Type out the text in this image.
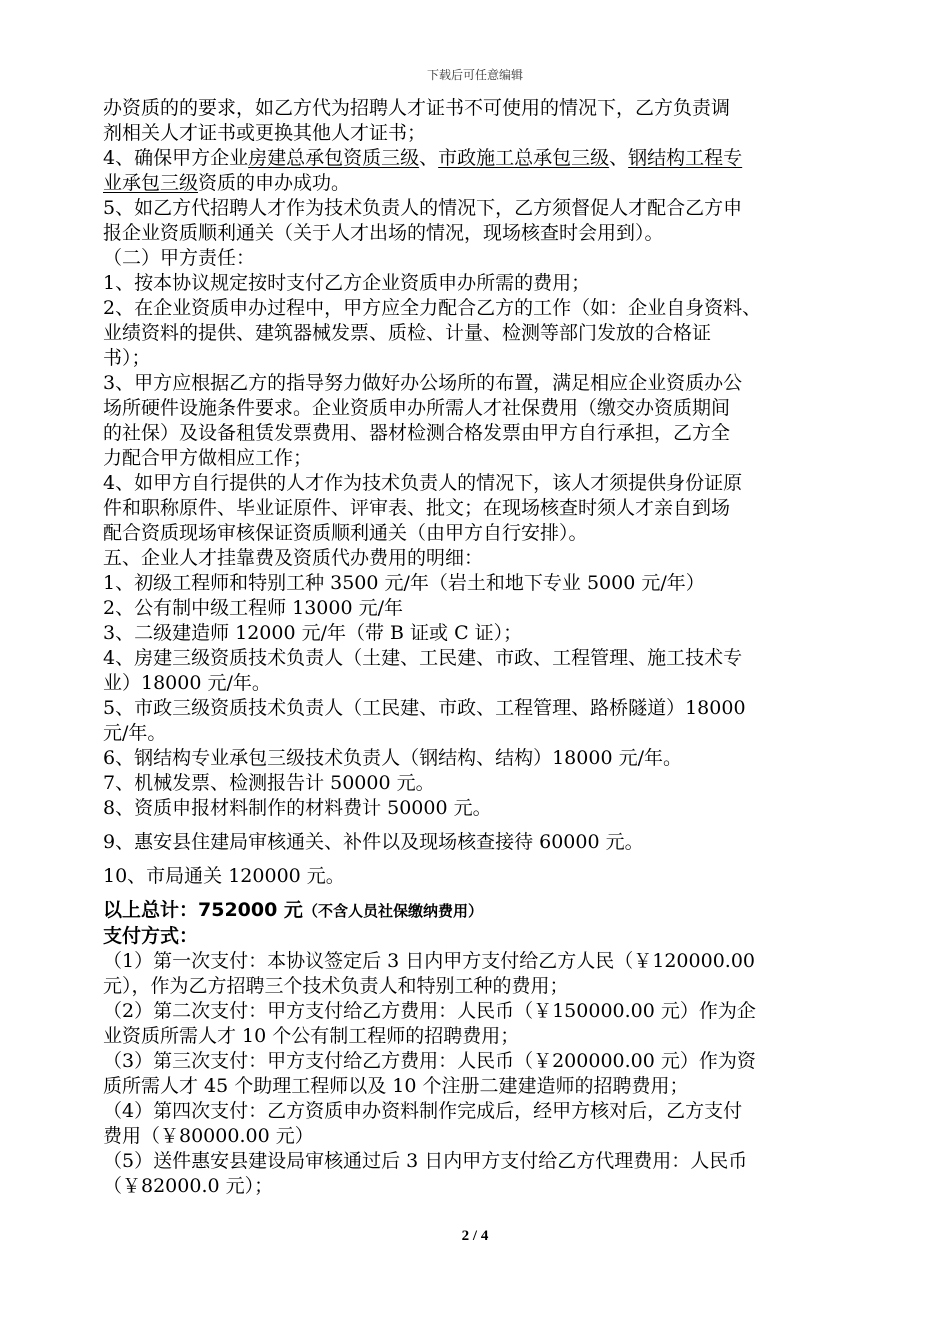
下载后可任意编辑
办资质的的要求，如乙方代为招聘人才证书不可使用的情况下，乙方负责调
剂相关人才证书或更换其他人才证书；
4、确保甲方企业房建总承包资质三级、市政施工总承包三级、钢结构工程专
业承包三级资质的申办成功。
5、如乙方代招聘人才作为技术负责人的情况下，乙方须督促人才配合乙方申
报企业资质顺利通关（关于人才出场的情况，现场核查时会用到）。
（二）甲方责任：
1、按本协议规定按时支付乙方企业资质申办所需的费用；
2、在企业资质申办过程中，甲方应全力配合乙方的工作（如：企业自身资料、
业绩资料的提供、建筑器械发票、质检、计量、检测等部门发放的合格证
书）；
3、甲方应根据乙方的指导努力做好办公场所的布置，满足相应企业资质办公
场所硬件设施条件要求。企业资质申办所需人才社保费用（缴交办资质期间
的社保）及设备租赁发票费用、器材检测合格发票由甲方自行承担，乙方全
力配合甲方做相应工作；
4、如甲方自行提供的人才作为技术负责人的情况下，该人才须提供身份证原
件和职称原件、毕业证原件、评审表、批文；在现场核查时须人才亲自到场
配合资质现场审核保证资质顺利通关（由甲方自行安排）。
五、企业人才挂靠费及资质代办费用的明细：
1、初级工程师和特别工种 3500 元/年（岩土和地下专业 5000 元/年）
2、公有制中级工程师 13000 元/年
3、二级建造师 12000 元/年（带 B 证或 C 证）；
4、房建三级资质技术负责人（土建、工民建、市政、工程管理、施工技术专
业）18000 元/年。
5、市政三级资质技术负责人（工民建、市政、工程管理、路桥隧道）18000
元/年。
6、钢结构专业承包三级技术负责人（钢结构、结构）18000 元/年。
7、机械发票、检测报告计 50000 元。
8、资质申报材料制作的材料费计 50000 元。
9、惠安县住建局审核通关、补件以及现场核查接待 60000 元。
10、市局通关 120000 元。
以上总计：752000 元（不含人员社保缴纳费用）
支付方式：
（1）第一次支付：本协议签定后 3 日内甲方支付给乙方人民（￥120000.00
元），作为乙方招聘三个技术负责人和特别工种的费用；
（2）第二次支付：甲方支付给乙方费用：人民币（￥150000.00 元）作为企
业资质所需人才 10 个公有制工程师的招聘费用；
（3）第三次支付：甲方支付给乙方费用：人民币（￥200000.00 元）作为资
质所需人才 45 个助理工程师以及 10 个注册二建建造师的招聘费用；
（4）第四次支付：乙方资质申办资料制作完成后，经甲方核对后，乙方支付
费用（￥80000.00 元）
（5）送件惠安县建设局审核通过后 3 日内甲方支付给乙方代理费用：人民币
（￥82000.0 元）；
2 / 4
